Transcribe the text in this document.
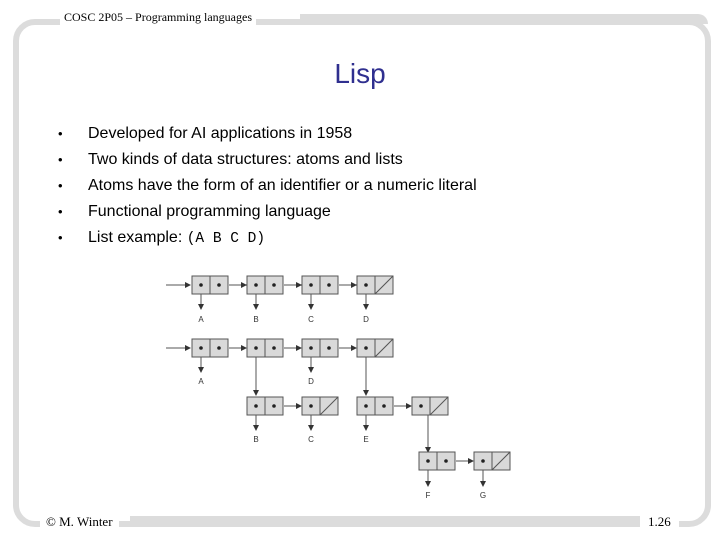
COSC 2P05 – Programming languages
Lisp
• Developed for AI applications in 1958
• Two kinds of data structures: atoms and lists
• Atoms have the form of an identifier or a numeric literal
• Functional programming language
• List example: (A B C D)
A	B	C	D
A	D
B	C	E
F	G
© M. Winter	1.26
